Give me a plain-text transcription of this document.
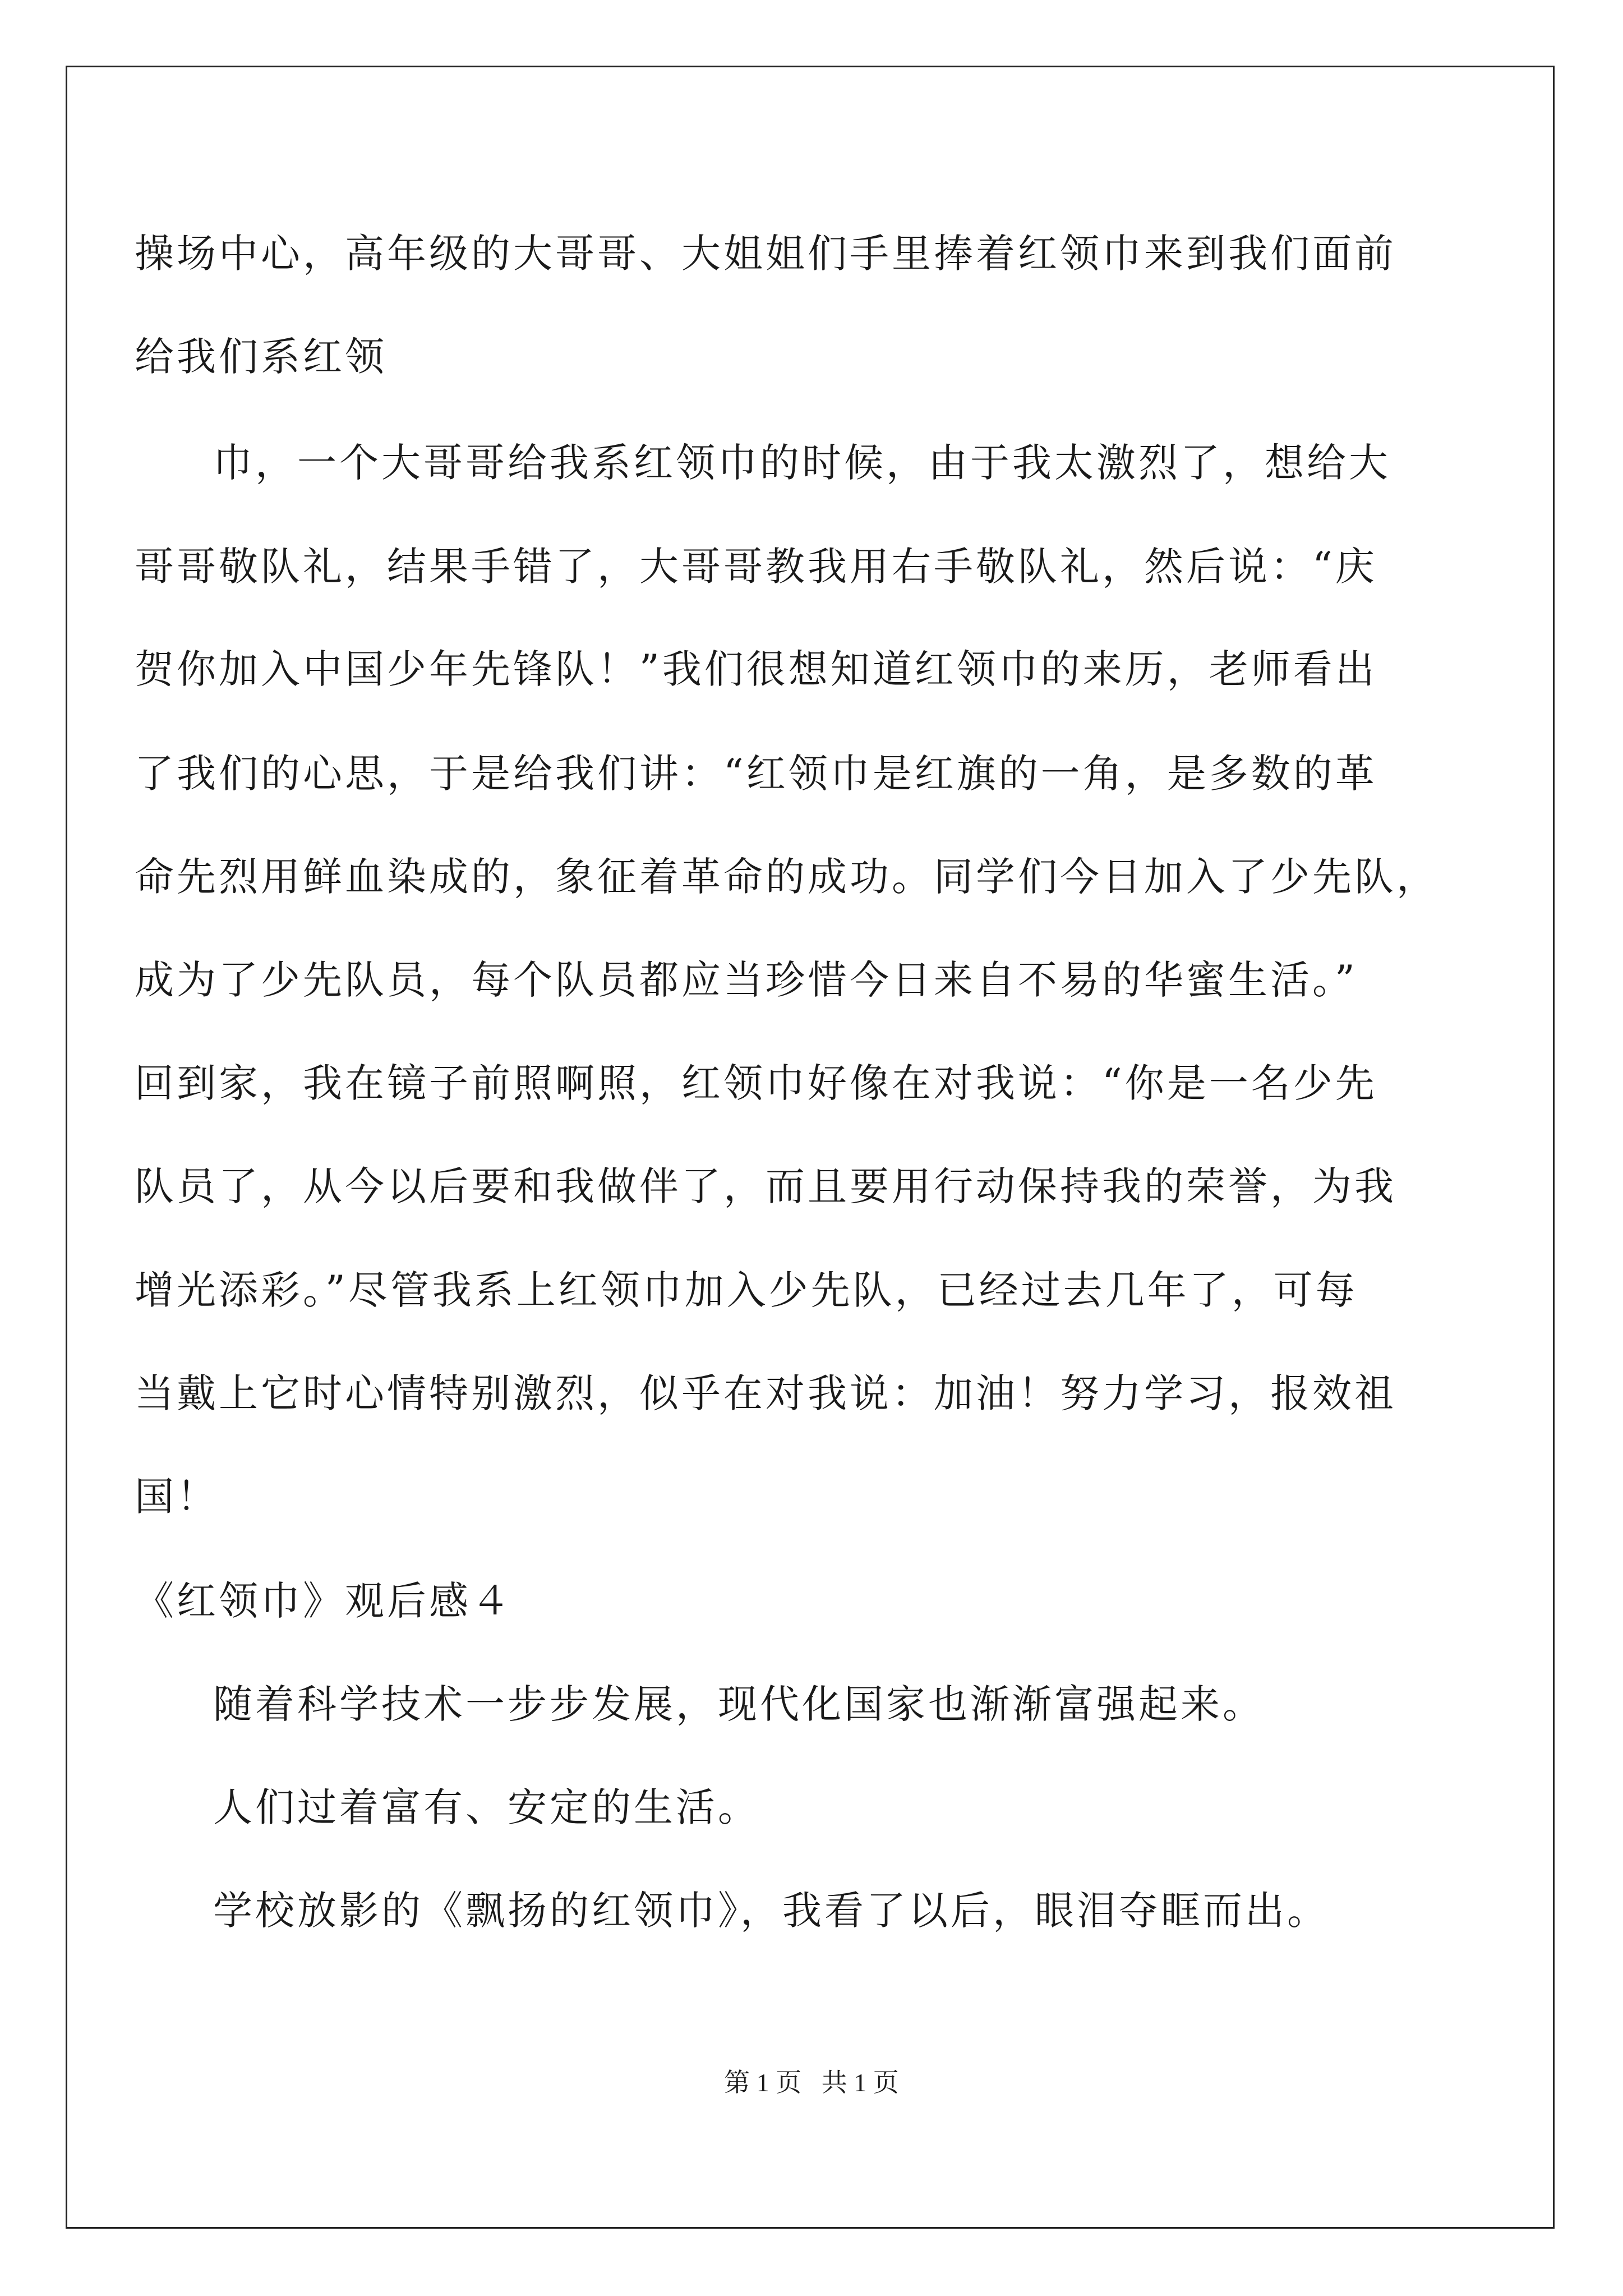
操场中心，高年级的大哥哥、大姐姐们手里捧着红领巾来到我们面前
给我们系红领
巾，一个大哥哥给我系红领巾的时候，由于我太激烈了，想给大
哥哥敬队礼，结果手错了，大哥哥教我用右手敬队礼，然后说：“庆
贺你加入中国少年先锋队！”我们很想知道红领巾的来历，老师看出
了我们的心思，于是给我们讲：“红领巾是红旗的一角，是多数的革
命先烈用鲜血染成的，象征着革命的成功。同学们今日加入了少先队，
成为了少先队员，每个队员都应当珍惜今日来自不易的华蜜生活。”
回到家，我在镜子前照啊照，红领巾好像在对我说：“你是一名少先
队员了，从今以后要和我做伴了，而且要用行动保持我的荣誉，为我
增光添彩。”尽管我系上红领巾加入少先队，已经过去几年了，可每
当戴上它时心情特别激烈，似乎在对我说：加油！努力学习，报效祖
国！
《红领巾》观后感４
随着科学技术一步步发展，现代化国家也渐渐富强起来。
人们过着富有、安定的生活。
学校放影的《飘扬的红领巾》，我看了以后，眼泪夺眶而出。
第 1 页 共 1 页
